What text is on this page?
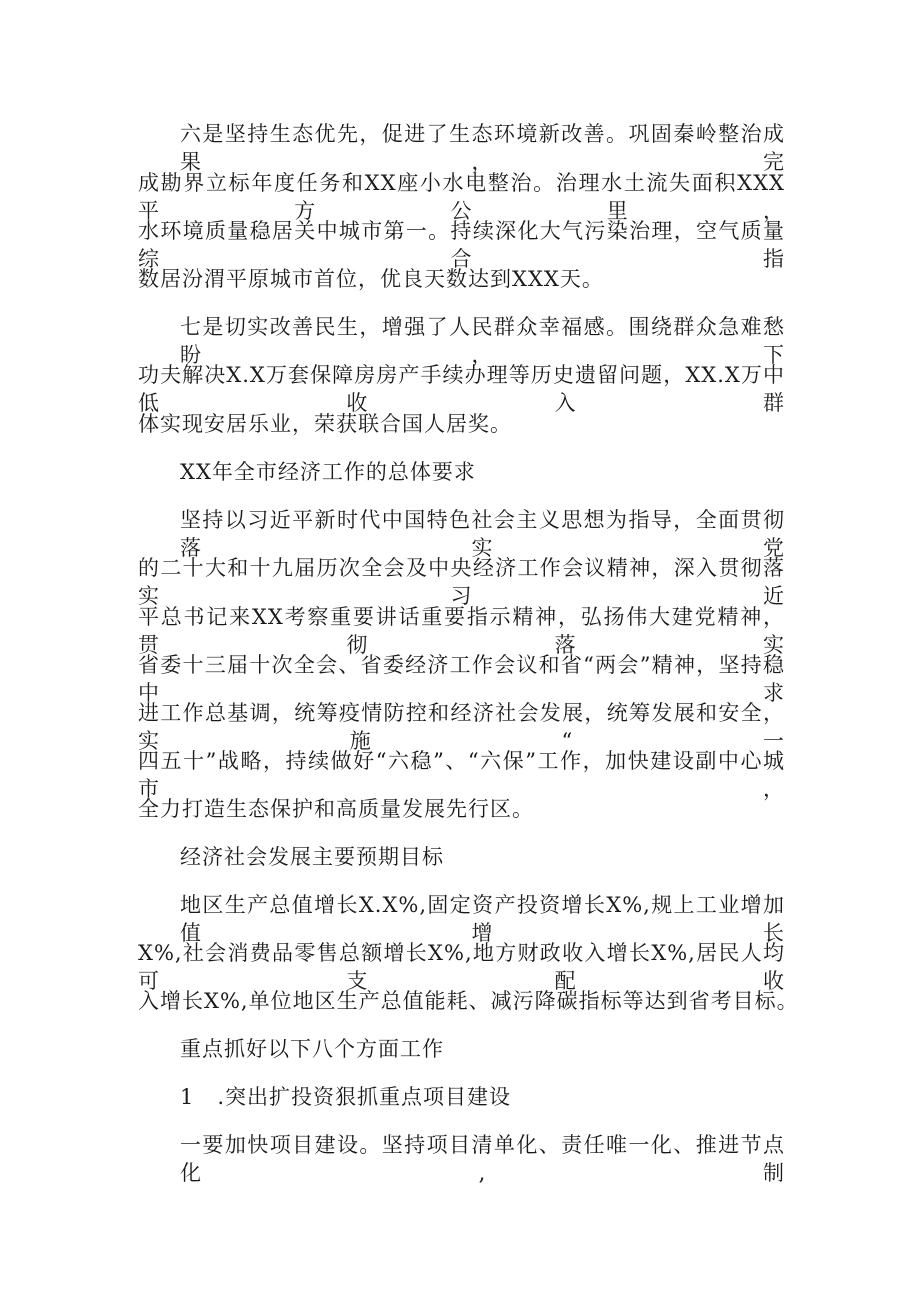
六是坚持生态优先，促进了生态环境新改善。巩固秦岭整治成果，完
成勘界立标年度任务和XX座小水电整治。治理水土流失面积XXX平方公里，
水环境质量稳居关中城市第一。持续深化大气污染治理，空气质量综合指
数居汾渭平原城市首位，优良天数达到XXX天。
七是切实改善民生，增强了人民群众幸福感。围绕群众急难愁盼，下
功夫解决X.X万套保障房房产手续办理等历史遗留问题，XX.X万中低收入群
体实现安居乐业，荣获联合国人居奖。
XX年全市经济工作的总体要求
坚持以习近平新时代中国特色社会主义思想为指导，全面贯彻落实党
的二十大和十九届历次全会及中央经济工作会议精神，深入贯彻落实习近
平总书记来XX考察重要讲话重要指示精神，弘扬伟大建党精神，贯彻落实
省委十三届十次全会、省委经济工作会议和省“两会”精神，坚持稳中求
进工作总基调，统筹疫情防控和经济社会发展，统筹发展和安全，实施“一
四五十”战略，持续做好“六稳”、“六保”工作，加快建设副中心城市，
全力打造生态保护和高质量发展先行区。
经济社会发展主要预期目标
地区生产总值增长X.X%,固定资产投资增长X%,规上工业增加值增长
X%,社会消费品零售总额增长X%,地方财政收入增长X%,居民人均可支配收
入增长X%,单位地区生产总值能耗、减污降碳指标等达到省考目标。
重点抓好以下八个方面工作
1   .突出扩投资狠抓重点项目建设
一要加快项目建设。坚持项目清单化、责任唯一化、推进节点化,制
